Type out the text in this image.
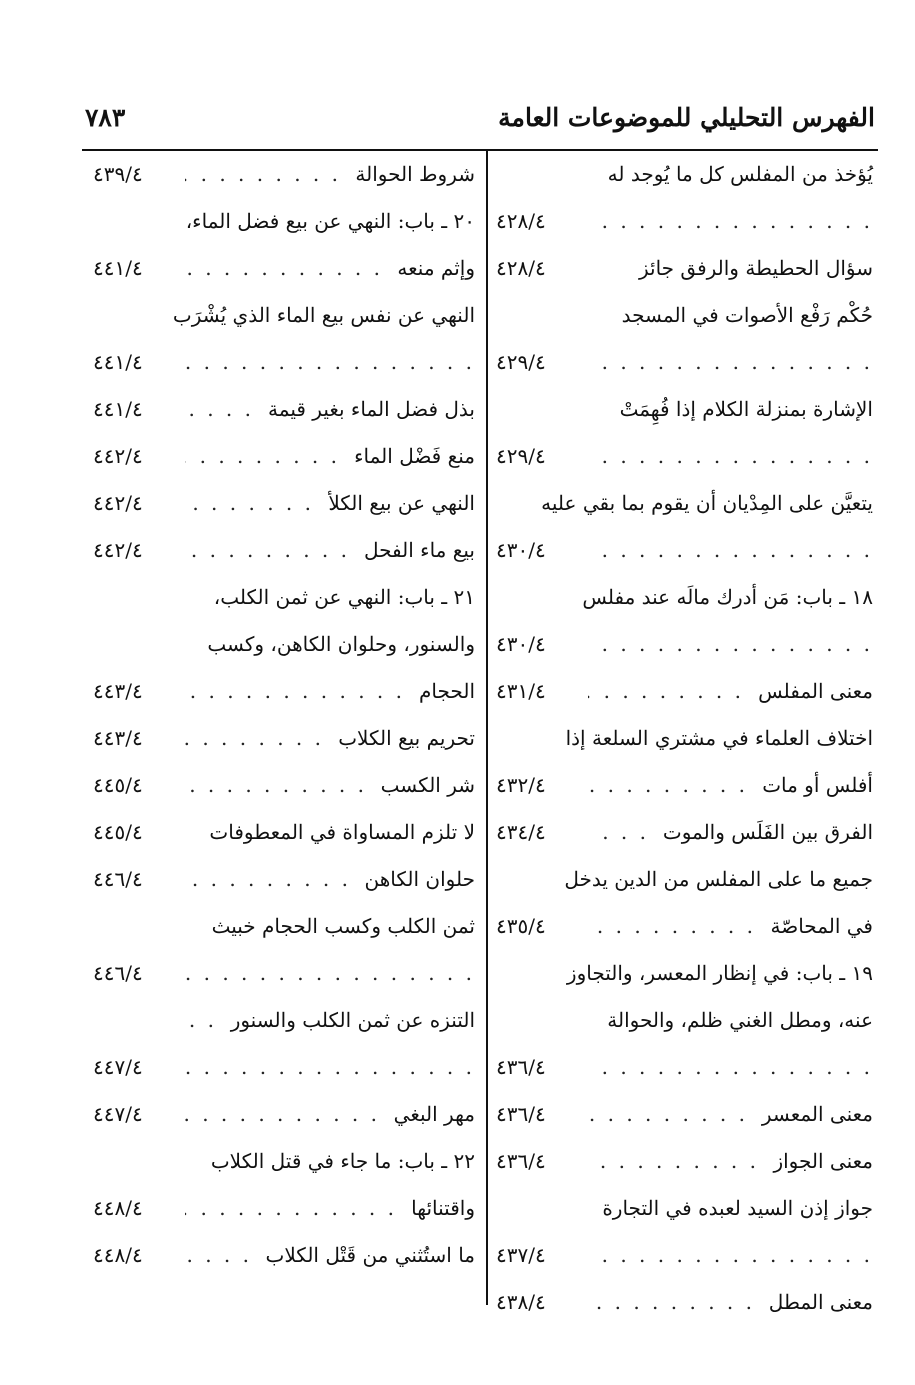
الفهرس التحليلي للموضوعات العامة
٧٨٣
يُؤخذ من المفلس كل ما يُوجد له
. . .
٤٢٨/٤
سؤال الحطيطة والرفق جائز
٤٢٨/٤
حُكْم رَفْع الأصوات في المسجد
. . .
٤٢٩/٤
الإشارة بمنزلة الكلام إذا فُهِمَتْ
. . .
٤٢٩/٤
يتعيَّن على المِدْيان أن يقوم بما بقي عليه
. . .
٤٣٠/٤
١٨ ـ باب: مَن أدرك مالَه عند مفلس
. . .
٤٣٠/٤
. . .
معنى المفلس
٤٣١/٤
اختلاف العلماء في مشتري السلعة إذا
. . .
أفلس أو مات
٤٣٢/٤
. . .
الفرق بين الفَلَس والموت
٤٣٤/٤
جميع ما على المفلس من الدين يدخل
. . .
في المحاصّة
٤٣٥/٤
١٩ ـ باب: في إنظار المعسر، والتجاوز
عنه، ومطل الغني ظلم، والحوالة
. . .
٤٣٦/٤
. . .
معنى المعسر
٤٣٦/٤
. . .
معنى الجواز
٤٣٦/٤
جواز إذن السيد لعبده في التجارة
. . .
٤٣٧/٤
. . .
معنى المطل
٤٣٨/٤
. . .
شروط الحوالة
٤٣٩/٤
٢٠ ـ باب: النهي عن بيع فضل الماء،
. . .
وإثم منعه
٤٤١/٤
النهي عن نفس بيع الماء الذي يُشْرَب
. . .
٤٤١/٤
. . .
بذل فضل الماء بغير قيمة
٤٤١/٤
. . .
منع فَضْل الماء
٤٤٢/٤
. . .
النهي عن بيع الكلأ
٤٤٢/٤
. . .
بيع ماء الفحل
٤٤٢/٤
٢١ ـ باب: النهي عن ثمن الكلب،
والسنور، وحلوان الكاهن، وكسب
. . .
الحجام
٤٤٣/٤
. . .
تحريم بيع الكلاب
٤٤٣/٤
. . .
شر الكسب
٤٤٥/٤
لا تلزم المساواة في المعطوفات
٤٤٥/٤
. . .
حلوان الكاهن
٤٤٦/٤
ثمن الكلب وكسب الحجام خبيث
. . .
٤٤٦/٤
. . .
التنزه عن ثمن الكلب والسنور
. . .
٤٤٧/٤
. . .
مهر البغي
٤٤٧/٤
٢٢ ـ باب: ما جاء في قتل الكلاب
. . .
واقتنائها
٤٤٨/٤
. . .
ما استُثني من قَتْل الكلاب
٤٤٨/٤
